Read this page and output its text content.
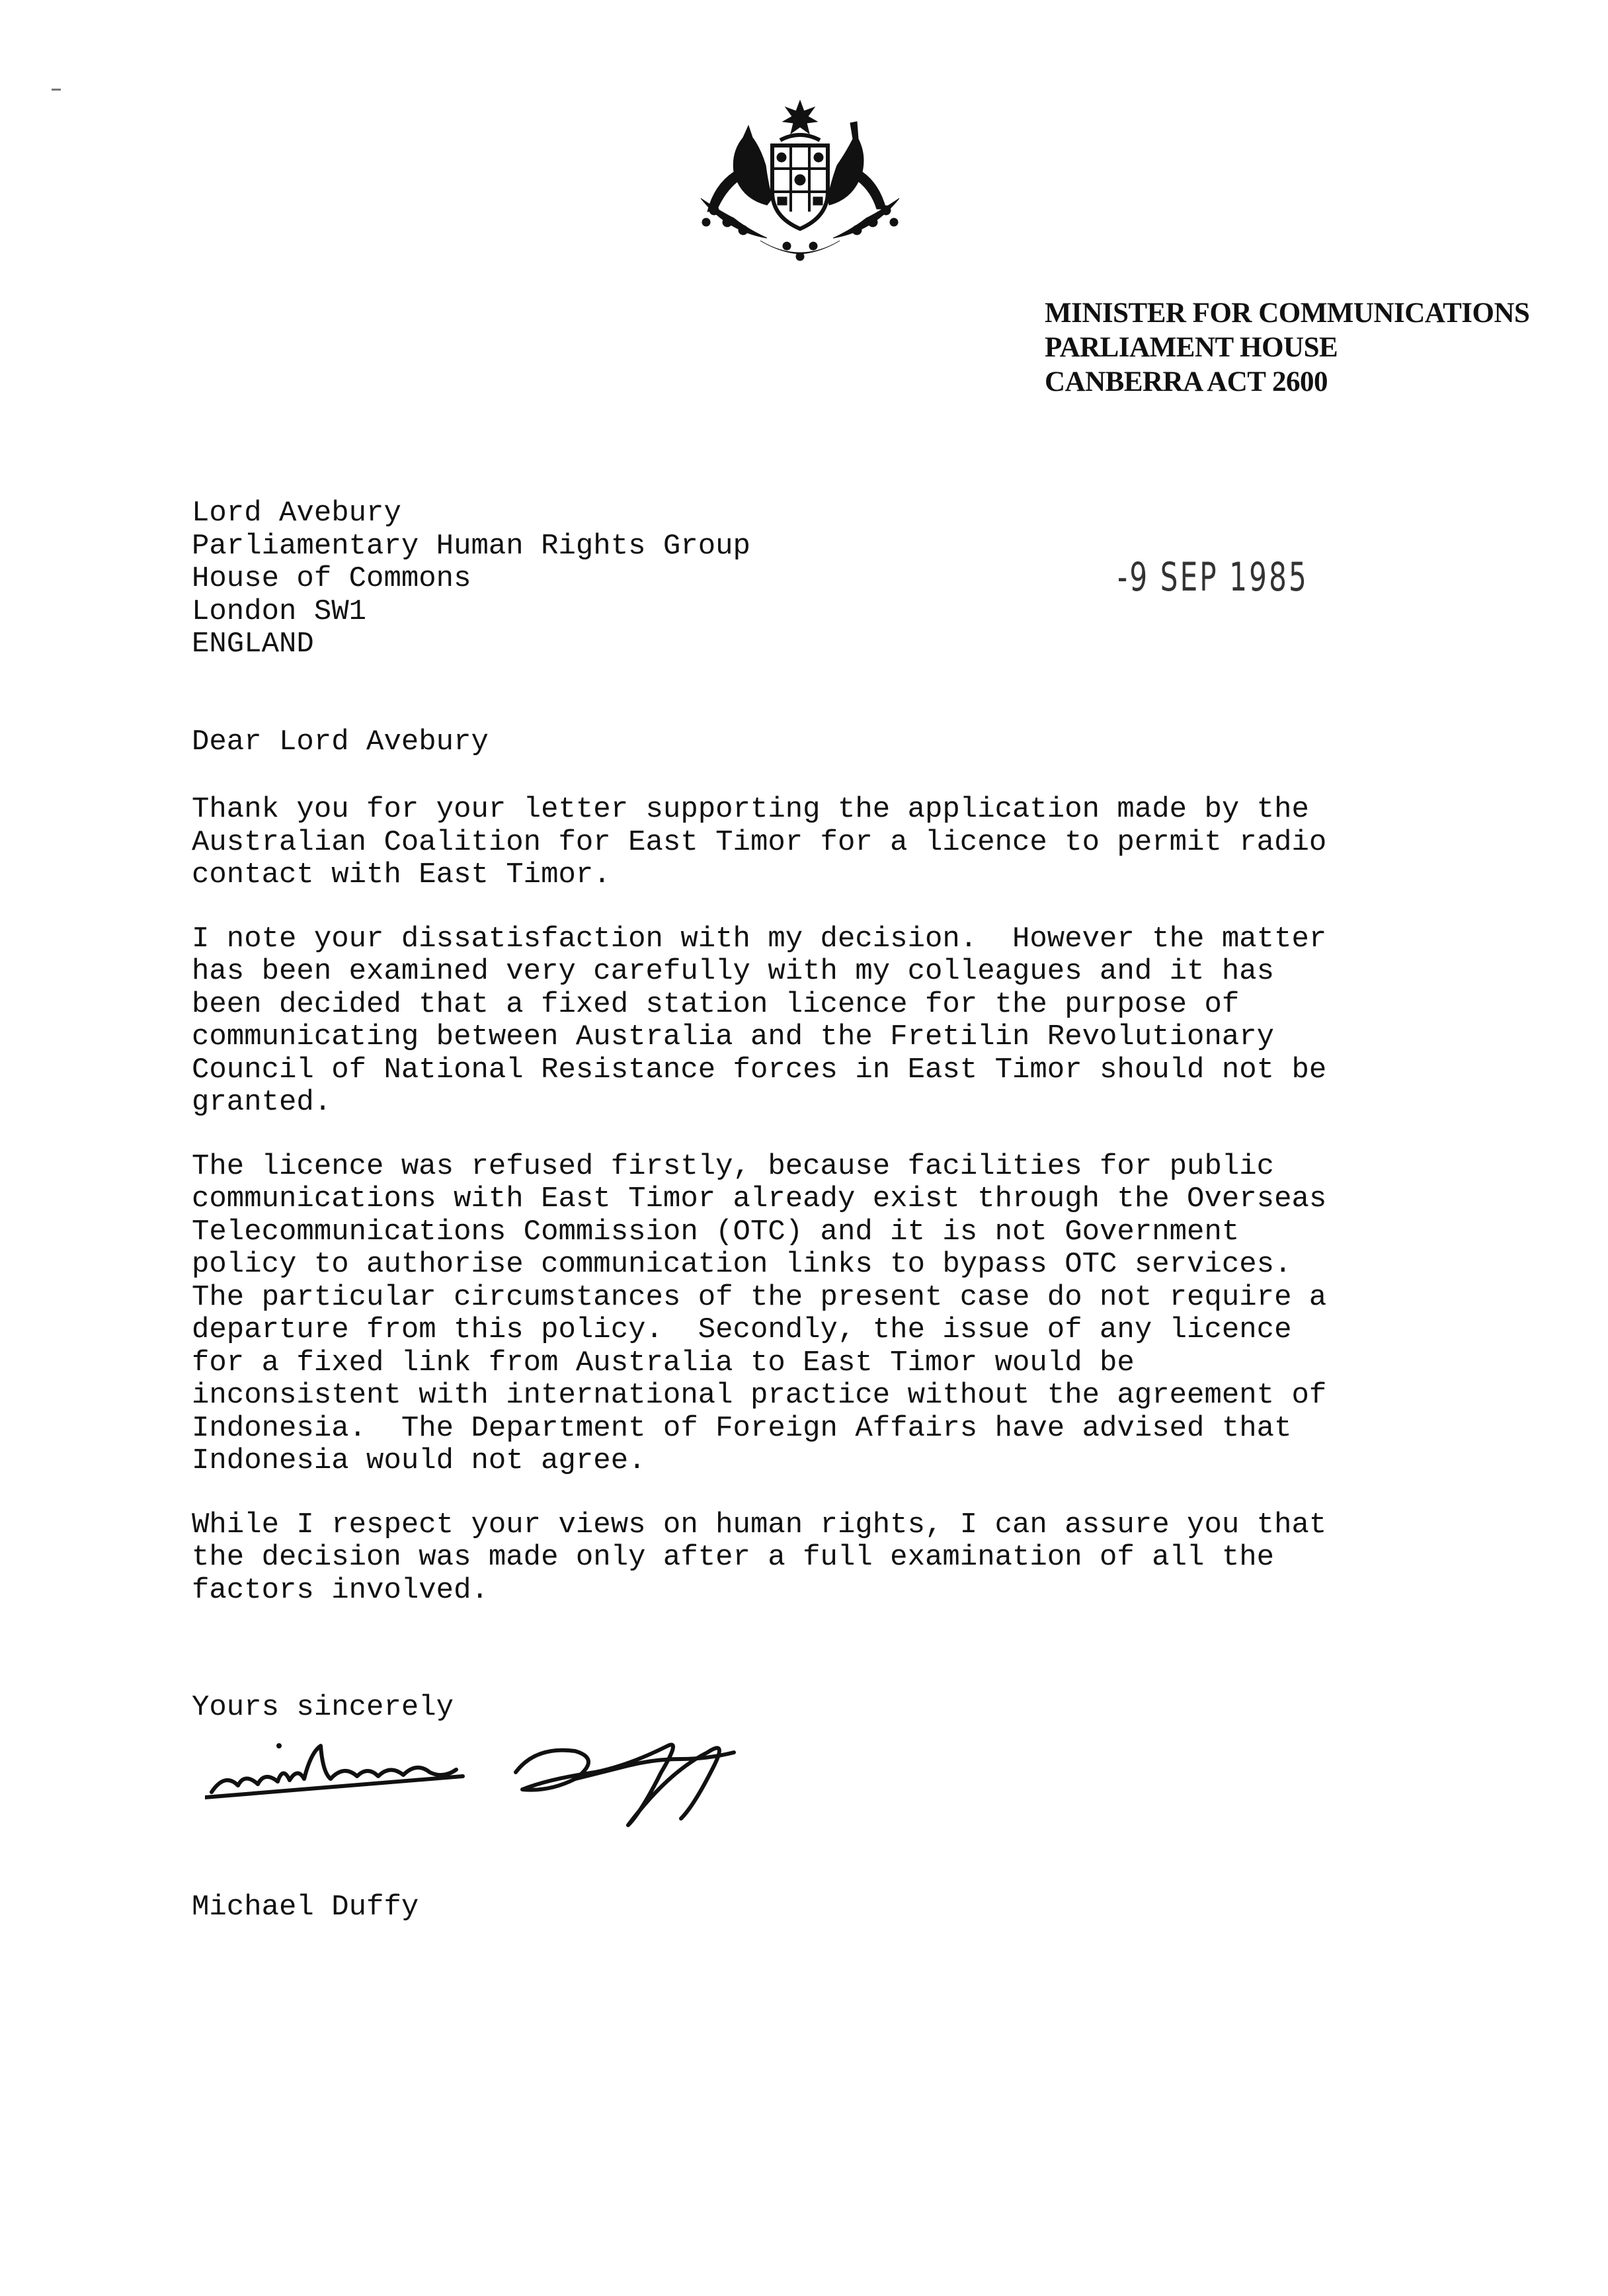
MINISTER FOR COMMUNICATIONS
PARLIAMENT HOUSE
CANBERRA ACT 2600
Lord Avebury
Parliamentary Human Rights Group
House of Commons
London SW1
ENGLAND
-9 SEP 1985
Dear Lord Avebury
Thank you for your letter supporting the application made by the
Australian Coalition for East Timor for a licence to permit radio
contact with East Timor.
I note your dissatisfaction with my decision.  However the matter
has been examined very carefully with my colleagues and it has
been decided that a fixed station licence for the purpose of
communicating between Australia and the Fretilin Revolutionary
Council of National Resistance forces in East Timor should not be
granted.
The licence was refused firstly, because facilities for public
communications with East Timor already exist through the Overseas
Telecommunications Commission (OTC) and it is not Government
policy to authorise communication links to bypass OTC services.
The particular circumstances of the present case do not require a
departure from this policy.  Secondly, the issue of any licence
for a fixed link from Australia to East Timor would be
inconsistent with international practice without the agreement of
Indonesia.  The Department of Foreign Affairs have advised that
Indonesia would not agree.
While I respect your views on human rights, I can assure you that
the decision was made only after a full examination of all the
factors involved.
Yours sincerely
Michael Duffy
